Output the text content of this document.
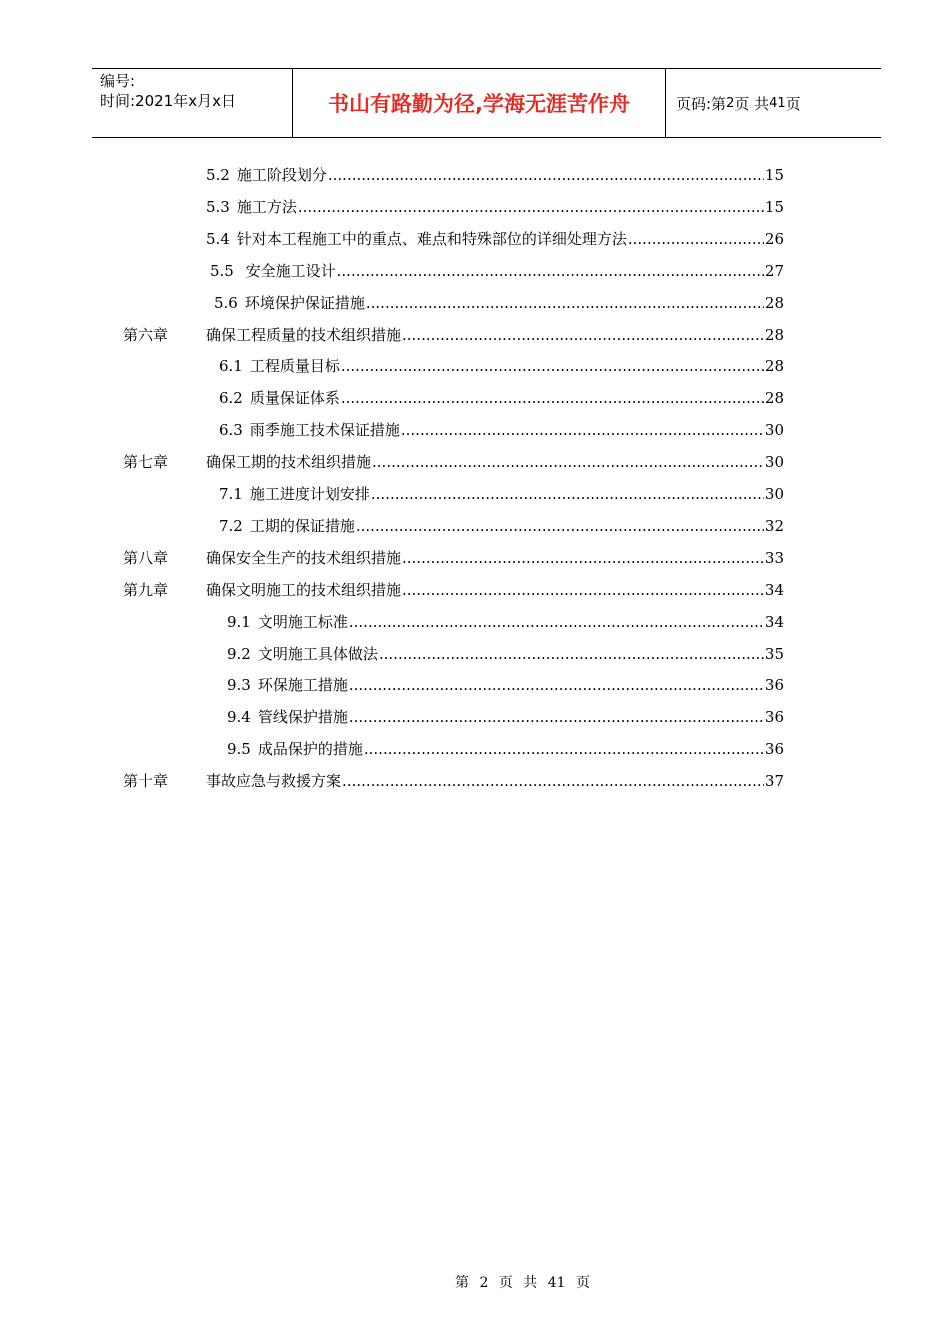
编号:
时间:2021年x月x日	书山有路勤为径,学海无涯苦作舟	页码:第 2 页 共 41 页
5.2 施工阶段划分 .....	15
5.3 施工方法 .....	15
5.4 针对本工程施工中的重点、难点和特殊部位的详细处理方法 .....	26
5.5 安全施工设计 .....	27
5.6 环境保护保证措施 .....	28
第六章	确保工程质量的技术组织措施 .....	28
6.1 工程质量目标 .....	28
6.2 质量保证体系 .....	28
6.3 雨季施工技术保证措施 .....	30
第七章	确保工期的技术组织措施 .....	30
7.1 施工进度计划安排 .....	30
7.2 工期的保证措施 .....	32
第八章	确保安全生产的技术组织措施 .....	33
第九章	确保文明施工的技术组织措施 .....	34
9.1 文明施工标准 .....	34
9.2 文明施工具体做法 .....	35
9.3 环保施工措施 .....	36
9.4 管线保护措施 .....	36
9.5 成品保护的措施 .....	36
第十章	事故应急与救援方案 .....	37
第 2 页 共 41 页
